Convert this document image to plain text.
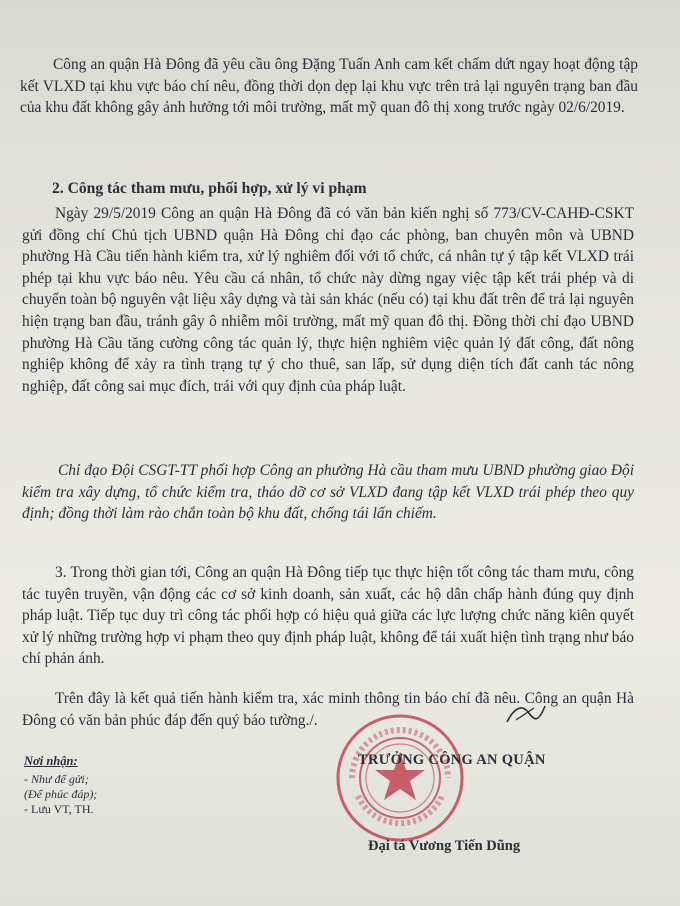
Công an quận Hà Đông đã yêu cầu ông Đặng Tuấn Anh cam kết chấm dứt ngay hoạt động tập kết VLXD tại khu vực báo chí nêu, đồng thời dọn dẹp lại khu vực trên trả lại nguyên trạng ban đầu của khu đất không gây ảnh hưởng tới môi trường, mất mỹ quan đô thị xong trước ngày 02/6/2019.

2. Công tác tham mưu, phối hợp, xử lý vi phạm

Ngày 29/5/2019 Công an quận Hà Đông đã có văn bản kiến nghị số 773/CV-CAHĐ-CSKT gửi đồng chí Chủ tịch UBND quận Hà Đông chỉ đạo các phòng, ban chuyên môn và UBND phường Hà Cầu tiến hành kiểm tra, xử lý nghiêm đối với tổ chức, cá nhân tự ý tập kết VLXD trái phép tại khu vực báo nêu. Yêu cầu cá nhân, tổ chức này dừng ngay việc tập kết trái phép và di chuyển toàn bộ nguyên vật liệu xây dựng và tài sản khác (nếu có) tại khu đất trên để trả lại nguyên hiện trạng ban đầu, tránh gây ô nhiễm môi trường, mất mỹ quan đô thị. Đồng thời chỉ đạo UBND phường Hà Cầu tăng cường công tác quản lý, thực hiện nghiêm việc quản lý đất công, đất nông nghiệp không để xảy ra tình trạng tự ý cho thuê, san lấp, sử dụng diện tích đất canh tác nông nghiệp, đất công sai mục đích, trái với quy định của pháp luật.

Chỉ đạo Đội CSGT-TT phối hợp Công an phường Hà cầu tham mưu UBND phường giao Đội kiểm tra xây dựng, tổ chức kiểm tra, tháo dỡ cơ sở VLXD đang tập kết VLXD trái phép theo quy định; đồng thời làm rào chắn toàn bộ khu đất, chống tái lấn chiếm.

3. Trong thời gian tới, Công an quận Hà Đông tiếp tục thực hiện tốt công tác tham mưu, công tác tuyên truyền, vận động các cơ sở kinh doanh, sản xuất, các hộ dân chấp hành đúng quy định pháp luật. Tiếp tục duy trì công tác phối hợp có hiệu quả giữa các lực lượng chức năng kiên quyết xử lý những trường hợp vi phạm theo quy định pháp luật, không để tái xuất hiện tình trạng như báo chí phản ánh.

Trên đây là kết quả tiến hành kiểm tra, xác minh thông tin báo chí đã nêu. Công an quận Hà Đông có văn bản phúc đáp đến quý báo tường./.

Nơi nhận:
- Như để gửi;
(Để phúc đáp);
- Lưu VT, TH.
TRƯỞNG CÔNG AN QUẬN
Đại tá Vương Tiến Dũng
